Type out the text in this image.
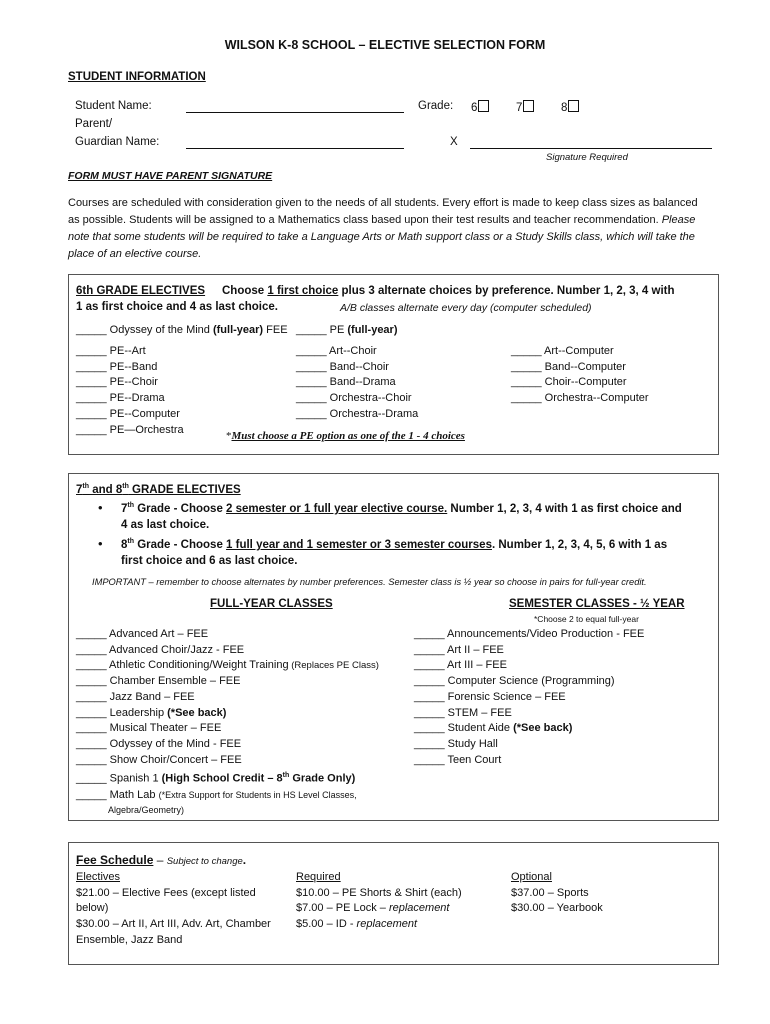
WILSON K-8 SCHOOL – ELECTIVE SELECTION FORM
STUDENT INFORMATION
Student Name:	Grade: 6	7	8
Parent/
Guardian Name:	X
Signature Required
FORM MUST HAVE PARENT SIGNATURE
Courses are scheduled with consideration given to the needs of all students. Every effort is made to keep class sizes as balanced as possible. Students will be assigned to a Mathematics class based upon their test results and teacher recommendation. Please note that some students will be required to take a Language Arts or Math support class or a Study Skills class, which will take the place of an elective course.
6th GRADE ELECTIVES Choose 1 first choice plus 3 alternate choices by preference. Number 1, 2, 3, 4 with
1 as first choice and 4 as last choice.	A/B classes alternate every day (computer scheduled)
_____ Odyssey of the Mind (full-year) FEE _____ PE (full-year)
_____ PE--Art
_____ PE--Band
_____ PE--Choir
_____ PE--Drama
_____ PE--Computer
_____ PE—Orchestra
_____ Art--Choir
_____ Band--Choir
_____ Band--Drama
_____ Orchestra--Choir
_____ Orchestra--Drama
_____ Art--Computer
_____ Band--Computer
_____ Choir--Computer
_____ Orchestra--Computer
*Must choose a PE option as one of the 1 - 4 choices
7th and 8th GRADE ELECTIVES
• 7th Grade - Choose 2 semester or 1 full year elective course. Number 1, 2, 3, 4 with 1 as first choice and
4 as last choice.
• 8th Grade - Choose 1 full year and 1 semester or 3 semester courses. Number 1, 2, 3, 4, 5, 6 with 1 as
first choice and 6 as last choice.
IMPORTANT – remember to choose alternates by number preferences. Semester class is ½ year so choose in pairs for full-year credit.
FULL-YEAR CLASSES	SEMESTER CLASSES - ½ YEAR
*Choose 2 to equal full-year
_____ Advanced Art – FEE
_____ Advanced Choir/Jazz - FEE
_____ Athletic Conditioning/Weight Training (Replaces PE Class)
_____ Chamber Ensemble – FEE
_____ Jazz Band – FEE
_____ Leadership (*See back)
_____ Musical Theater – FEE
_____ Odyssey of the Mind - FEE
_____ Show Choir/Concert – FEE
_____ Spanish 1 (High School Credit – 8th Grade Only)
_____ Math Lab (*Extra Support for Students in HS Level Classes,
Algebra/Geometry)
_____ Announcements/Video Production - FEE
_____ Art II – FEE
_____ Art III – FEE
_____ Computer Science (Programming)
_____ Forensic Science – FEE
_____ STEM – FEE
_____ Student Aide (*See back)
_____ Study Hall
_____ Teen Court
Fee Schedule – Subject to change.
Electives
$21.00 – Elective Fees (except listed
below)
$30.00 – Art II, Art III, Adv. Art, Chamber
Ensemble, Jazz Band
Required
$10.00 – PE Shorts & Shirt (each)
$7.00 – PE Lock – replacement
$5.00 – ID - replacement
Optional
$37.00 – Sports
$30.00 – Yearbook
